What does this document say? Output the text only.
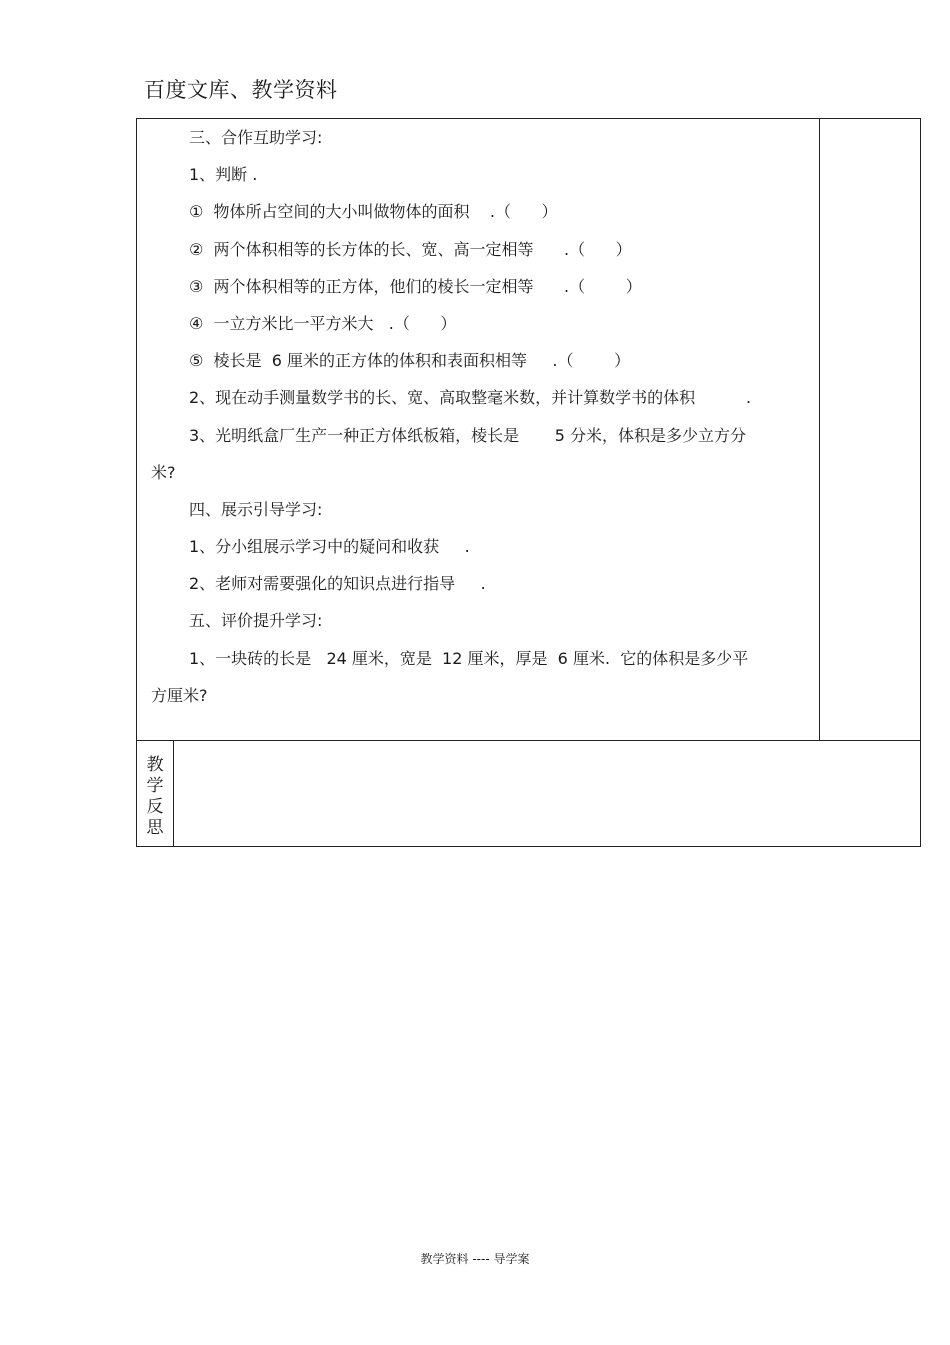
百度文库、教学资料
三、合作互助学习:
1、判断 .
①  物体所占空间的大小叫做物体的面积    .（      ）
②  两个体积相等的长方体的长、宽、高一定相等      .（      ）
③  两个体积相等的正方体，他们的棱长一定相等      .（        ）
④  一立方米比一平方米大   .（      ）
⑤  棱长是  6 厘米的正方体的体积和表面积相等     .（        ）
2、现在动手测量数学书的长、宽、高取整毫米数，并计算数学书的体积          .
3、光明纸盒厂生产一种正方体纸板箱，棱长是       5 分米，体积是多少立方分
米?
四、展示引导学习:
1、分小组展示学习中的疑问和收获     .
2、老师对需要强化的知识点进行指导     .
五、评价提升学习:
1、一块砖的长是   24 厘米，宽是  12 厘米，厚是  6 厘米.  它的体积是多少平
方厘米?
教
学
反
思
教学资料 ---- 导学案
